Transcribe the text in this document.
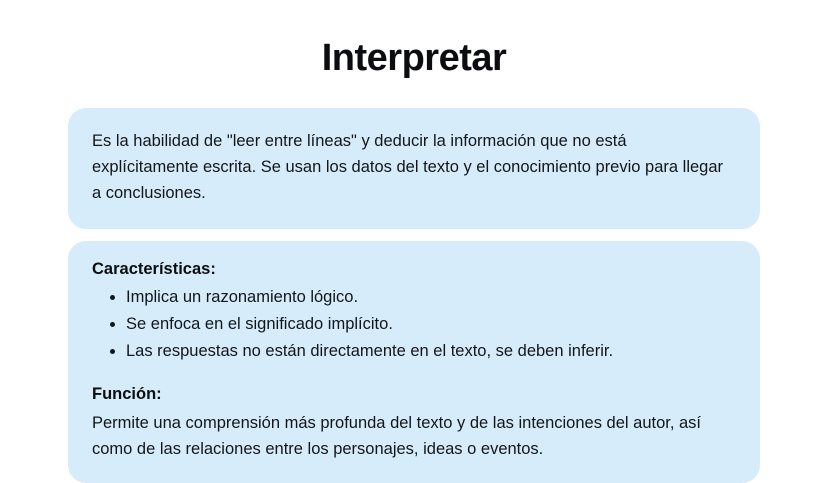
Interpretar

Es la habilidad de "leer entre líneas" y deducir la información que no está explícitamente escrita. Se usan los datos del texto y el conocimiento previo para llegar a conclusiones.

Características:

• Implica un razonamiento lógico.
• Se enfoca en el significado implícito.
• Las respuestas no están directamente en el texto, se deben inferir.

Función:

Permite una comprensión más profunda del texto y de las intenciones del autor, así como de las relaciones entre los personajes, ideas o eventos.
